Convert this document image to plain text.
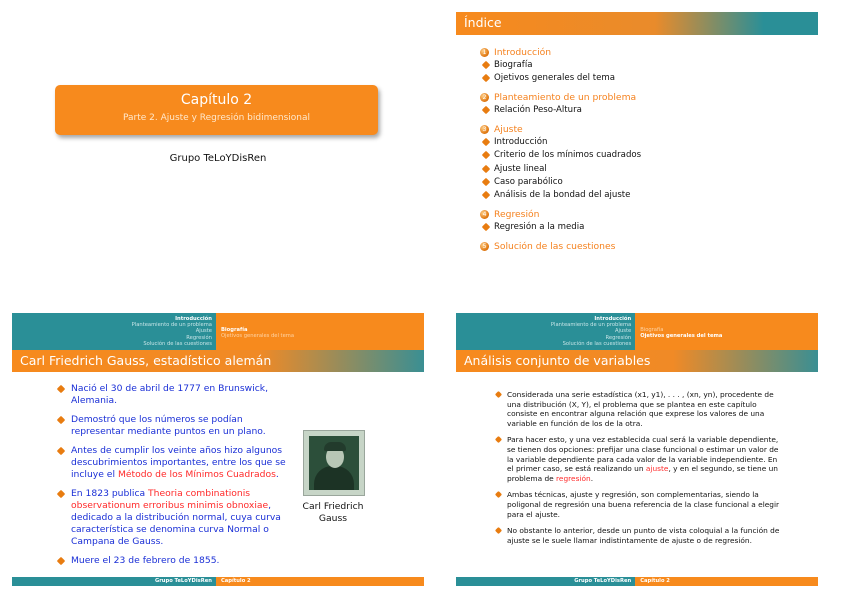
Capítulo 2
Parte 2. Ajuste y Regresión bidimensional
Grupo TeLoYDisRen
Índice
1 Introducción
Biografía
Ojetivos generales del tema
2 Planteamiento de un problema
Relación Peso-Altura
3 Ajuste
Introducción
Criterio de los mínimos cuadrados
Ajuste lineal
Caso parabólico
Análisis de la bondad del ajuste
4 Regresión
Regresión a la media
5 Solución de las cuestiones
Introducción
Planteamiento de un problema
Ajuste
Regresión
Solución de las cuestiones
Biografía
Ojetivos generales del tema
Carl Friedrich Gauss, estadístico alemán
Nació el 30 de abril de 1777 en Brunswick, Alemania.
Demostró que los números se podían representar mediante puntos en un plano.
Antes de cumplir los veinte años hizo algunos descubrimientos importantes, entre los que se incluye el Método de los Mínimos Cuadrados.
En 1823 publica Theoria combinationis observationum erroribus minimis obnoxiae, dedicado a la distribución normal, cuya curva característica se denomina curva Normal o Campana de Gauss.
Muere el 23 de febrero de 1855.
Carl Friedrich Gauss
Grupo TeLoYDisRen	Capítulo 2
Introducción
Planteamiento de un problema
Ajuste
Regresión
Solución de las cuestiones
Biografía
Ojetivos generales del tema
Análisis conjunto de variables
Considerada una serie estadística (x1, y1), . . . , (xn, yn), procedente de una distribución (X, Y), el problema que se plantea en este capítulo consiste en encontrar alguna relación que exprese los valores de una variable en función de los de la otra.
Para hacer esto, y una vez establecida cual será la variable dependiente, se tienen dos opciones: prefijar una clase funcional o estimar un valor de la variable dependiente para cada valor de la variable independiente. En el primer caso, se está realizando un ajuste, y en el segundo, se tiene un problema de regresión.
Ambas técnicas, ajuste y regresión, son complementarias, siendo la poligonal de regresión una buena referencia de la clase funcional a elegir para el ajuste.
No obstante lo anterior, desde un punto de vista coloquial a la función de ajuste se le suele llamar indistintamente de ajuste o de regresión.
Grupo TeLoYDisRen	Capítulo 2
